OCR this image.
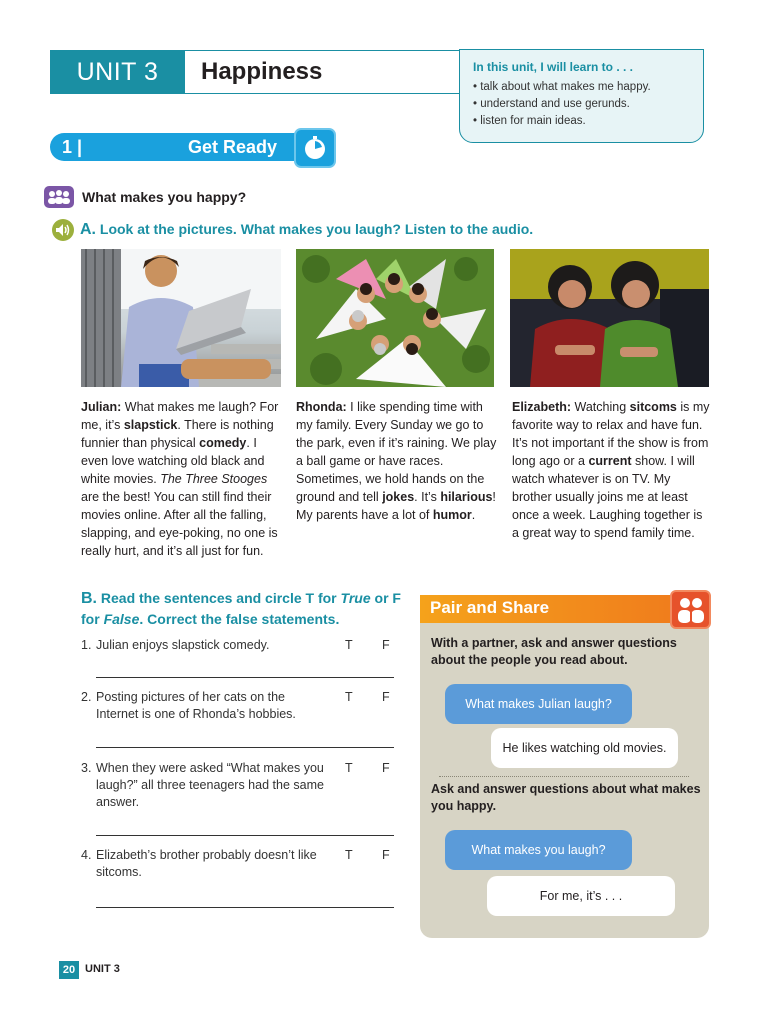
UNIT 3	Happiness	In this unit, I will learn to . . .
• talk about what makes me happy.
• understand and use gerunds.
• listen for main ideas.
1 |	Get Ready
What makes you happy?
A. Look at the pictures. What makes you laugh? Listen to the audio.
Julian: What makes me laugh? For me, it’s slapstick. There is nothing funnier than physical comedy. I even love watching old black and white movies. The Three Stooges are the best! You can still find their movies online. After all the falling, slapping, and eye-poking, no one is really hurt, and it’s all just for fun.
Rhonda: I like spending time with my family. Every Sunday we go to the park, even if it’s raining. We play a ball game or have races. Sometimes, we hold hands on the ground and tell jokes. It’s hilarious! My parents have a lot of humor.
Elizabeth: Watching sitcoms is my favorite way to relax and have fun. It’s not important if the show is from long ago or a current show. I will watch whatever is on TV. My brother usually joins me at least once a week. Laughing together is a great way to spend family time.
B. Read the sentences and circle T for True or F for False. Correct the false statements.
1. Julian enjoys slapstick comedy.	T F
2. Posting pictures of her cats on the Internet is one of Rhonda’s hobbies.
T F
3. When they were asked “What makes you laugh?” all three teenagers had the same answer.
T F
4. Elizabeth’s brother probably doesn’t like sitcoms.
T F
Pair and Share
With a partner, ask and answer questions about the people you read about.
What makes Julian laugh?
He likes watching old movies.
Ask and answer questions about what makes you happy.
What makes you laugh?
For me, it’s . . .
20 UNIT 3
